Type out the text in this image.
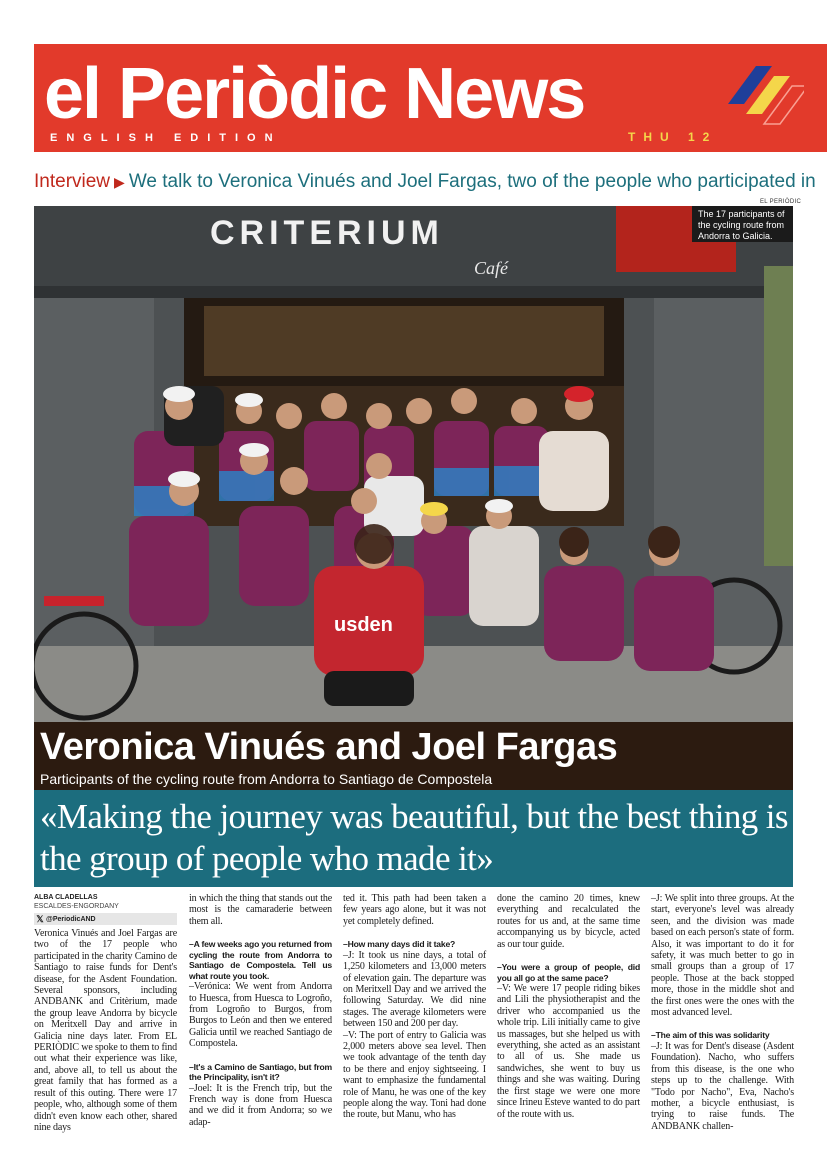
el Periòdic News
ENGLISH EDITION	THU 12
Interview ▶ We talk to Veronica Vinués and Joel Fargas, two of the people who participated in
EL PERIÒDIC
CRITERIUM
Café
usden
The 17 participants of the cycling route from Andorra to Galicia.
Veronica Vinués and Joel Fargas
Participants of the cycling route from Andorra to Santiago de Compostela

«Making the journey was beautiful, but the best thing is the group of people who made it»

ALBA CLADELLAS
ESCALDES-ENGORDANY
𝕏 @PeriodicAND

Veronica Vinués and Joel Fargas are two of the 17 people who participated in the charity Camino de Santiago to raise funds for Dent's disease, for the Asdent Foundation. Several sponsors, including ANDBANK and Critèrium, made the group leave Andorra by bicycle on Meritxell Day and arrive in Galicia nine days later. From EL PERIÒDIC we spoke to them to find out what their experience was like, and, above all, to tell us about the great family that has formed as a result of this outing. There were 17 people, who, although some of them didn't even know each other, shared nine days

in which the thing that stands out the most is the camaraderie between them all.

–A few weeks ago you returned from cycling the route from Andorra to Santiago de Compostela. Tell us what route you took.

–Verónica: We went from Andorra to Huesca, from Huesca to Logroño, from Logroño to Burgos, from Burgos to León and then we entered Galicia until we reached Santiago de Compostela.

–It's a Camino de Santiago, but from the Principality, isn't it?

–Joel: It is the French trip, but the French way is done from Huesca and we did it from Andorra; so we adap-

ted it. This path had been taken a few years ago alone, but it was not yet completely defined.

–How many days did it take?

–J: It took us nine days, a total of 1,250 kilometers and 13,000 meters of elevation gain. The departure was on Meritxell Day and we arrived the following Saturday. We did nine stages. The average kilometers were between 150 and 200 per day.

–V: The port of entry to Galicia was 2,000 meters above sea level. Then we took advantage of the tenth day to be there and enjoy sightseeing. I want to emphasize the fundamental role of Manu, he was one of the key people along the way. Toni had done the route, but Manu, who has

done the camino 20 times, knew everything and recalculated the routes for us and, at the same time accompanying us by bicycle, acted as our tour guide.

–You were a group of people, did you all go at the same pace?

–V: We were 17 people riding bikes and Lili the physiotherapist and the driver who accompanied us the whole trip. Lili initially came to give us massages, but she helped us with everything, she acted as an assistant to all of us. She made us sandwiches, she went to buy us things and she was waiting. During the first stage we were one more since Irineu Esteve wanted to do part of the route with us.

–J: We split into three groups. At the start, everyone's level was already seen, and the division was made based on each person's state of form. Also, it was important to do it for safety, it was much better to go in small groups than a group of 17 people. Those at the back stopped more, those in the middle shot and the first ones were the ones with the most advanced level.

–The aim of this was solidarity

–J: It was for Dent's disease (Asdent Foundation). Nacho, who suffers from this disease, is the one who steps up to the challenge. With "Todo por Nacho", Eva, Nacho's mother, a bicycle enthusiast, is trying to raise funds. The ANDBANK challen-
